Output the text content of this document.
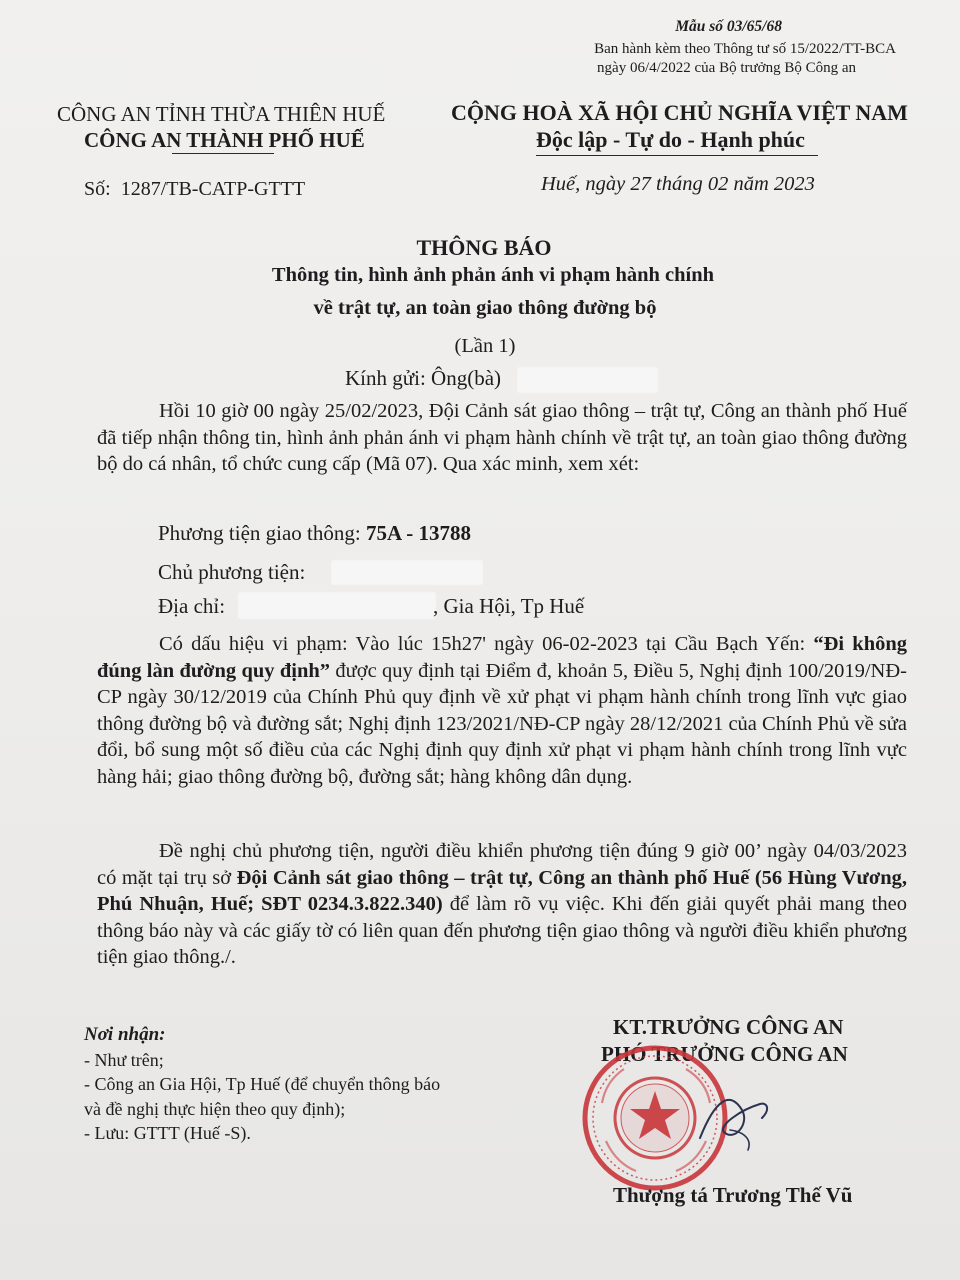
Mẫu số 03/65/68
Ban hành kèm theo Thông tư số 15/2022/TT-BCA
ngày 06/4/2022 của Bộ trưởng Bộ Công an
CÔNG AN TỈNH THỪA THIÊN HUẾ
CÔNG AN THÀNH PHỐ HUẾ
CỘNG HOÀ XÃ HỘI CHỦ NGHĨA VIỆT NAM
Độc lập - Tự do - Hạnh phúc
Số: 1287/TB-CATP-GTTT	Huế, ngày 27 tháng 02 năm 2023
THÔNG BÁO
Thông tin, hình ảnh phản ánh vi phạm hành chính
về trật tự, an toàn giao thông đường bộ
(Lần 1)
Kính gửi: Ông(bà)

Hồi 10 giờ 00 ngày 25/02/2023, Đội Cảnh sát giao thông – trật tự, Công an thành phố Huế đã tiếp nhận thông tin, hình ảnh phản ánh vi phạm hành chính về trật tự, an toàn giao thông đường bộ do cá nhân, tổ chức cung cấp (Mã 07). Qua xác minh, xem xét:

Phương tiện giao thông: 75A - 13788
Chủ phương tiện:
Địa chỉ:	, Gia Hội, Tp Huế

Có dấu hiệu vi phạm: Vào lúc 15h27' ngày 06-02-2023 tại Cầu Bạch Yến: “Đi không đúng làn đường quy định” được quy định tại Điểm đ, khoản 5, Điều 5, Nghị định 100/2019/NĐ-CP ngày 30/12/2019 của Chính Phủ quy định về xử phạt vi phạm hành chính trong lĩnh vực giao thông đường bộ và đường sắt; Nghị định 123/2021/NĐ-CP ngày 28/12/2021 của Chính Phủ về sửa đổi, bổ sung một số điều của các Nghị định quy định xử phạt vi phạm hành chính trong lĩnh vực hàng hải; giao thông đường bộ, đường sắt; hàng không dân dụng.

Đề nghị chủ phương tiện, người điều khiển phương tiện đúng 9 giờ 00’ ngày 04/03/2023 có mặt tại trụ sở Đội Cảnh sát giao thông – trật tự, Công an thành phố Huế (56 Hùng Vương, Phú Nhuận, Huế; SĐT 0234.3.822.340) để làm rõ vụ việc. Khi đến giải quyết phải mang theo thông báo này và các giấy tờ có liên quan đến phương tiện giao thông và người điều khiển phương tiện giao thông./.

Nơi nhận:
- Như trên;
- Công an Gia Hội, Tp Huế (để chuyển thông báo
và đề nghị thực hiện theo quy định);
- Lưu: GTTT (Huế -S).
KT.TRƯỞNG CÔNG AN
PHÓ TRƯỞNG CÔNG AN
Thượng tá Trương Thế Vũ
